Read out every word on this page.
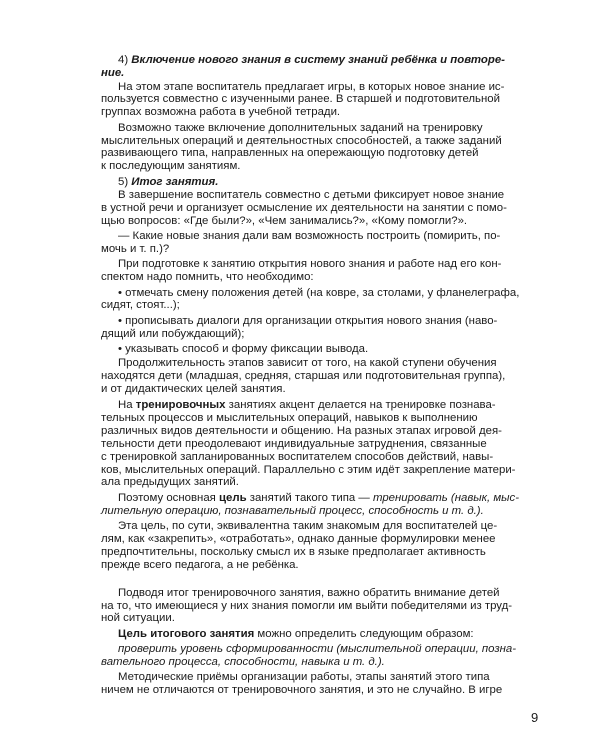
4) Включение нового знания в систему знаний ребёнка и повторе-
ние.
На этом этапе воспитатель предлагает игры, в которых новое знание ис-
пользуется совместно с изученными ранее. В старшей и подготовительной
группах возможна работа в учебной тетради.
Возможно также включение дополнительных заданий на тренировку
мыслительных операций и деятельностных способностей, а также заданий
развивающего типа, направленных на опережающую подготовку детей
к последующим занятиям.
5) Итог занятия.
В завершение воспитатель совместно с детьми фиксирует новое знание
в устной речи и организует осмысление их деятельности на занятии с помо-
щью вопросов: «Где были?», «Чем занимались?», «Кому помогли?».
— Какие новые знания дали вам возможность построить (помирить, по-
мочь и т. п.)?
При подготовке к занятию открытия нового знания и работе над его кон-
спектом надо помнить, что необходимо:
• отмечать смену положения детей (на ковре, за столами, у фланелеграфа,
сидят, стоят...);
• прописывать диалоги для организации открытия нового знания (наво-
дящий или побуждающий);
• указывать способ и форму фиксации вывода.
Продолжительность этапов зависит от того, на какой ступени обучения
находятся дети (младшая, средняя, старшая или подготовительная группа),
и от дидактических целей занятия.
На тренировочных занятиях акцент делается на тренировке познава-
тельных процессов и мыслительных операций, навыков к выполнению
различных видов деятельности и общению. На разных этапах игровой дея-
тельности дети преодолевают индивидуальные затруднения, связанные
с тренировкой запланированных воспитателем способов действий, навы-
ков, мыслительных операций. Параллельно с этим идёт закрепление матери-
ала предыдущих занятий.
Поэтому основная цель занятий такого типа — тренировать (навык, мыс-
лительную операцию, познавательный процесс, способность и т. д.).
Эта цель, по сути, эквивалентна таким знакомым для воспитателей це-
лям, как «закрепить», «отработать», однако данные формулировки менее
предпочтительны, поскольку смысл их в языке предполагает активность
прежде всего педагога, а не ребёнка.
Подводя итог тренировочного занятия, важно обратить внимание детей
на то, что имеющиеся у них знания помогли им выйти победителями из труд-
ной ситуации.
Цель итогового занятия можно определить следующим образом:
проверить уровень сформированности (мыслительной операции, позна-
вательного процесса, способности, навыка и т. д.).
Методические приёмы организации работы, этапы занятий этого типа
ничем не отличаются от тренировочного занятия, и это не случайно. В игре
9
